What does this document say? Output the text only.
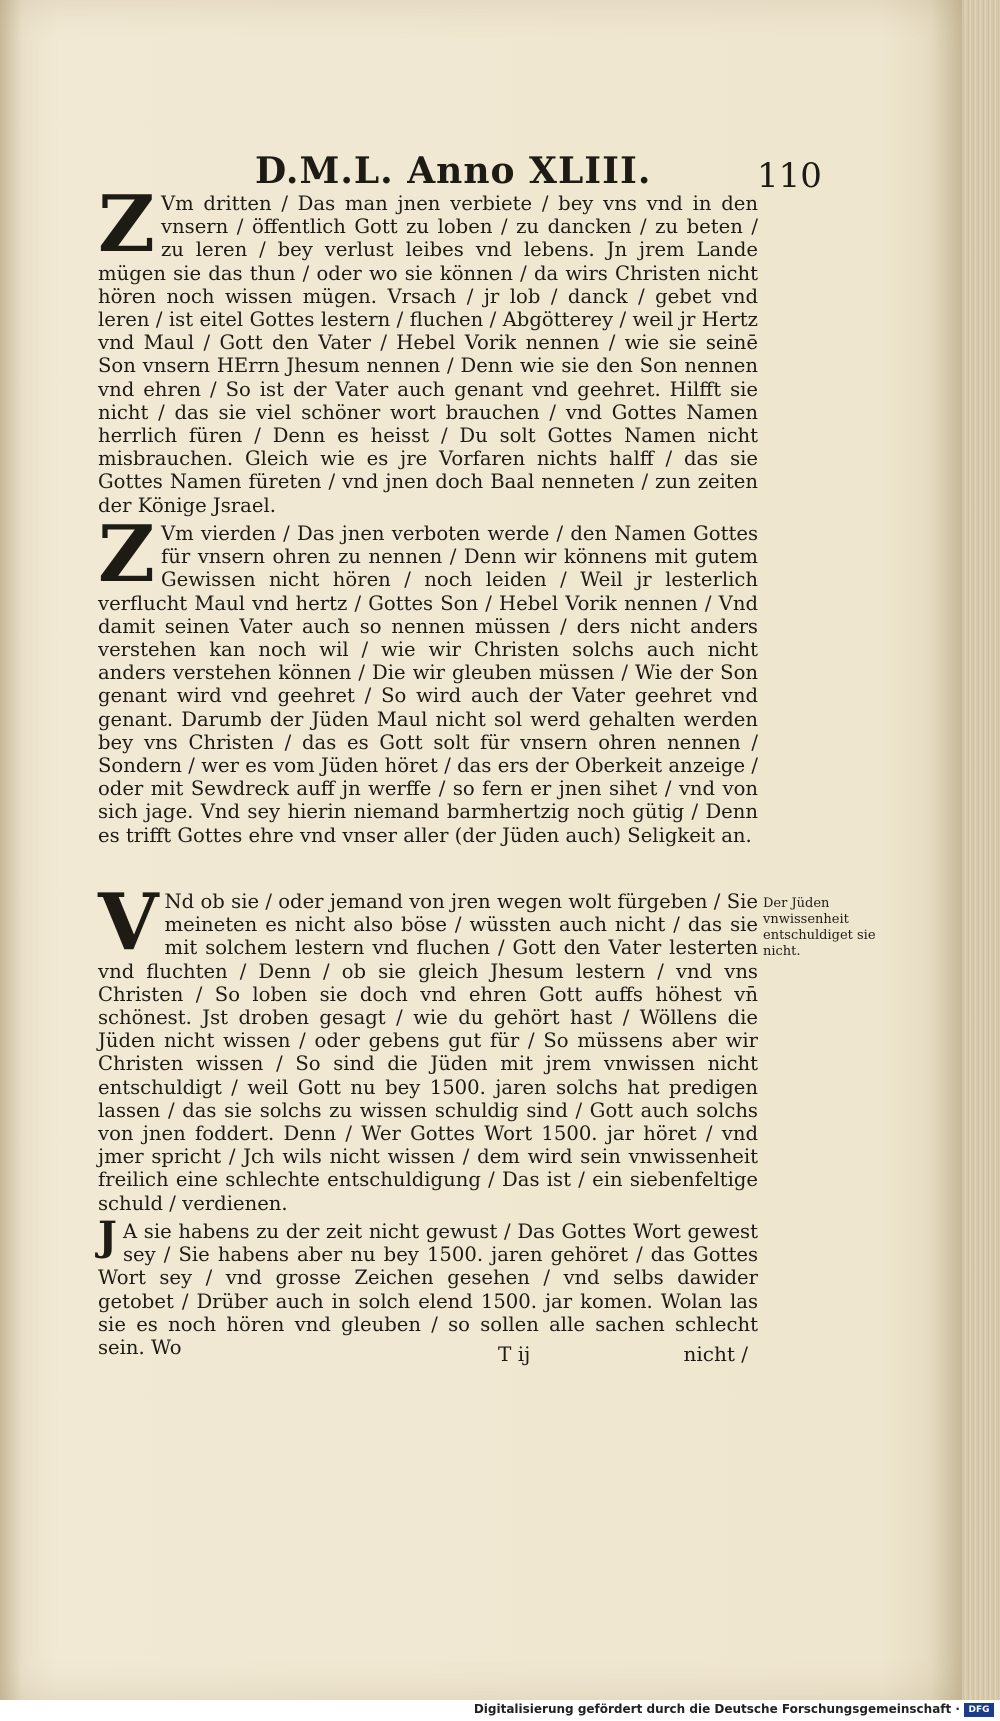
D.M.L. Anno XLIII.	110
Z Vm dritten / Das man jnen verbiete / bey vns vnd in den vnsern / öffentlich Gott zu loben / zu dancken / zu beten / zu leren / bey verlust leibes vnd lebens. Jn jrem Lande mügen sie das thun / oder wo sie können / da wirs Christen nicht hören noch wissen mügen. Vrsach / jr lob / danck / gebet vnd leren / ist eitel Gottes lestern / fluchen / Abgötterey / weil jr Hertz vnd Maul / Gott den Vater / Hebel Vorik nennen / wie sie seinē Son vnsern HErrn Jhesum nennen / Denn wie sie den Son nennen vnd ehren / So ist der Vater auch genant vnd geehret. Hilfft sie nicht / das sie viel schöner wort brauchen / vnd Gottes Namen herrlich füren / Denn es heisst / Du solt Gottes Namen nicht misbrauchen. Gleich wie es jre Vorfaren nichts halff / das sie Gottes Namen füreten / vnd jnen doch Baal nenneten / zun zeiten der Könige Jsrael.
Z Vm vierden / Das jnen verboten werde / den Namen Gottes für vnsern ohren zu nennen / Denn wir könnens mit gutem Gewissen nicht hören / noch leiden / Weil jr lesterlich verflucht Maul vnd hertz / Gottes Son / Hebel Vorik nennen / Vnd damit seinen Vater auch so nennen müssen / ders nicht anders verstehen kan noch wil / wie wir Christen solchs auch nicht anders verstehen können / Die wir gleuben müssen / Wie der Son genant wird vnd geehret / So wird auch der Vater geehret vnd genant. Darumb der Jüden Maul nicht sol werd gehalten werden bey vns Christen / das es Gott solt für vnsern ohren nennen / Sondern / wer es vom Jüden höret / das ers der Oberkeit anzeige / oder mit Sewdreck auff jn werffe / so fern er jnen sihet / vnd von sich jage. Vnd sey hierin niemand barmhertzig noch gütig / Denn es trifft Gottes ehre vnd vnser aller (der Jüden auch) Seligkeit an.
V Nd ob sie / oder jemand von jren wegen wolt fürgeben / Sie meineten es nicht also böse / wüssten auch nicht / das sie mit solchem lestern vnd fluchen / Gott den Vater lesterten vnd fluchten / Denn / ob sie gleich Jhesum lestern / vnd vns Christen / So loben sie doch vnd ehren Gott auffs höhest vn̄ schönest. Jst droben gesagt / wie du gehört hast / Wöllens die Jüden nicht wissen / oder gebens gut für / So müssens aber wir Christen wissen / So sind die Jüden mit jrem vnwissen nicht entschuldigt / weil Gott nu bey 1500. jaren solchs hat predigen lassen / das sie solchs zu wissen schuldig sind / Gott auch solchs von jnen foddert. Denn / Wer Gottes Wort 1500. jar höret / vnd jmer spricht / Jch wils nicht wissen / dem wird sein vnwissenheit freilich eine schlechte entschuldigung / Das ist / ein siebenfeltige schuld / verdienen.
J A sie habens zu der zeit nicht gewust / Das Gottes Wort gewest sey / Sie habens aber nu bey 1500. jaren gehöret / das Gottes Wort sey / vnd grosse Zeichen gesehen / vnd selbs dawider getobet / Drüber auch in solch elend 1500. jar komen. Wolan las sie es noch hören vnd gleuben / so sollen alle sachen schlecht sein. Wo
Der Jüden vnwissenheit entschuldiget sie nicht.
T ij	nicht /
Digitalisierung gefördert durch die Deutsche Forschungsgemeinschaft · DFG
